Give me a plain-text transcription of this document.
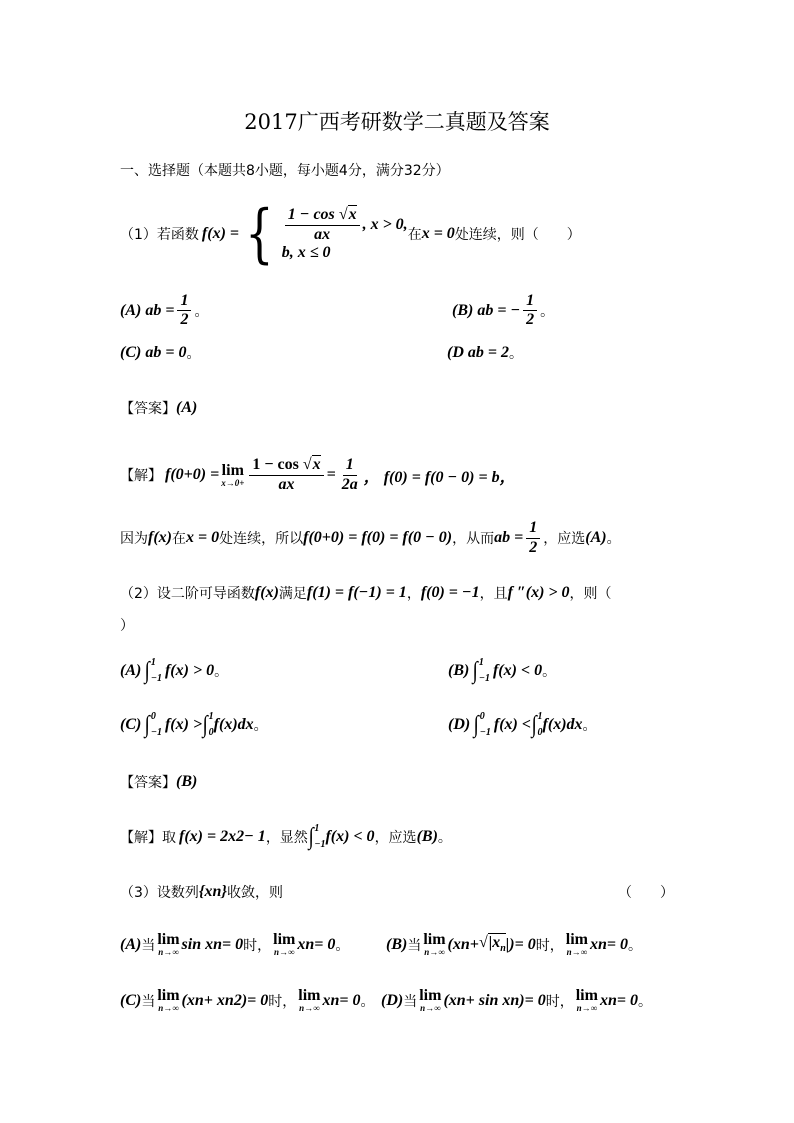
2017广西考研数学二真题及答案
一、选择题（本题共8小题，每小题4分，满分32分）
（1）若函数 f(x) = { $\frac{1 - \cos √x}{ax}$ , x > 0,
b, x ≤ 0
在 x = 0 处连续，则（　　）
(A) ab = $\frac{1}{2}$ 。	(B) ab = − $\frac{1}{2}$ 。
(C) ab = 0 。	(D ab = 2 。
【答案】 (A)
【解】 f(0+0) = lim
$x\to 0+ \frac{1 - \cos √x}{ax} = \frac{1}{2a}$ ， f(0) = f(0 − 0) = b，
因为 f(x) 在 x = 0 处连续，所以 f(0+0) = f(0) = f(0 − 0) ，从而 ab = $\frac{1}{2}$ ，应选 (A) 。
（2）设二阶可导函数 f(x) 满足 f(1) = f(−1) = 1 ， f(0) = −1 ，且 f ″(x) > 0 ，则（
）
(A) ∫ 1
−1 f(x) > 0 。	(B) ∫ 1
−1 f(x) < 0 。
(C) ∫ 0
−1 f(x) > ∫ 1
0 f(x)dx 。	(D) ∫ 0
−1 f(x) < ∫ 1
0 f(x)dx 。
【答案】 (B)
【解】取 f(x) = 2x 2 − 1 ，显然 ∫ 1
−1 f(x) < 0 ，应选 (B) 。
（3）设数列 {x n } 收敛，则	（　　）
(A) 当 lim
n→∞ sin x n = 0 时， lim
n→∞ x n = 0 。 (B) 当 lim
n→∞ (x $n + √|x_n$ |) = 0 时， lim
n→∞ x n = 0 。
(C) 当 lim
n→∞ (x n + x n 2 ) = 0 时， lim
n→∞ x n = 0 。 (D) 当 lim
n→∞ (x n + sin x n ) = 0 时， lim
n→∞ x n = 0 。
